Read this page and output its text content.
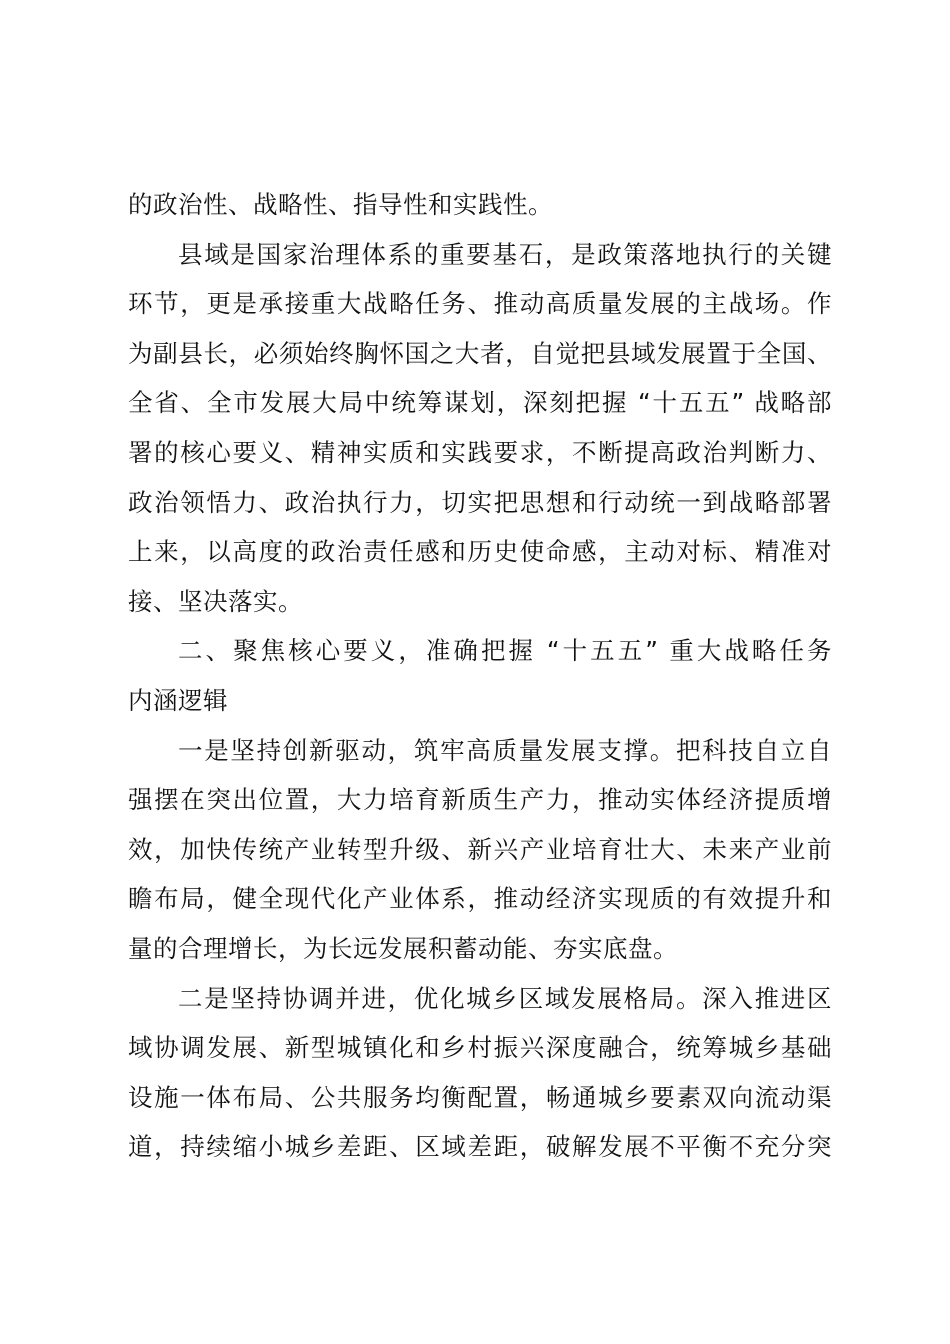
的政治性、战略性、指导性和实践性。
县域是国家治理体系的重要基石，是政策落地执行的关键
环节，更是承接重大战略任务、推动高质量发展的主战场。作
为副县长，必须始终胸怀国之大者，自觉把县域发展置于全国、
全省、全市发展大局中统筹谋划，深刻把握 “十五五” 战略部
署的核心要义、精神实质和实践要求，不断提高政治判断力、
政治领悟力、政治执行力，切实把思想和行动统一到战略部署
上来，以高度的政治责任感和历史使命感，主动对标、精准对
接、坚决落实。
二、聚焦核心要义，准确把握 “十五五” 重大战略任务
内涵逻辑
一是坚持创新驱动，筑牢高质量发展支撑。把科技自立自
强摆在突出位置，大力培育新质生产力，推动实体经济提质增
效，加快传统产业转型升级、新兴产业培育壮大、未来产业前
瞻布局，健全现代化产业体系，推动经济实现质的有效提升和
量的合理增长，为长远发展积蓄动能、夯实底盘。
二是坚持协调并进，优化城乡区域发展格局。深入推进区
域协调发展、新型城镇化和乡村振兴深度融合，统筹城乡基础
设施一体布局、公共服务均衡配置，畅通城乡要素双向流动渠
道，持续缩小城乡差距、区域差距，破解发展不平衡不充分突
